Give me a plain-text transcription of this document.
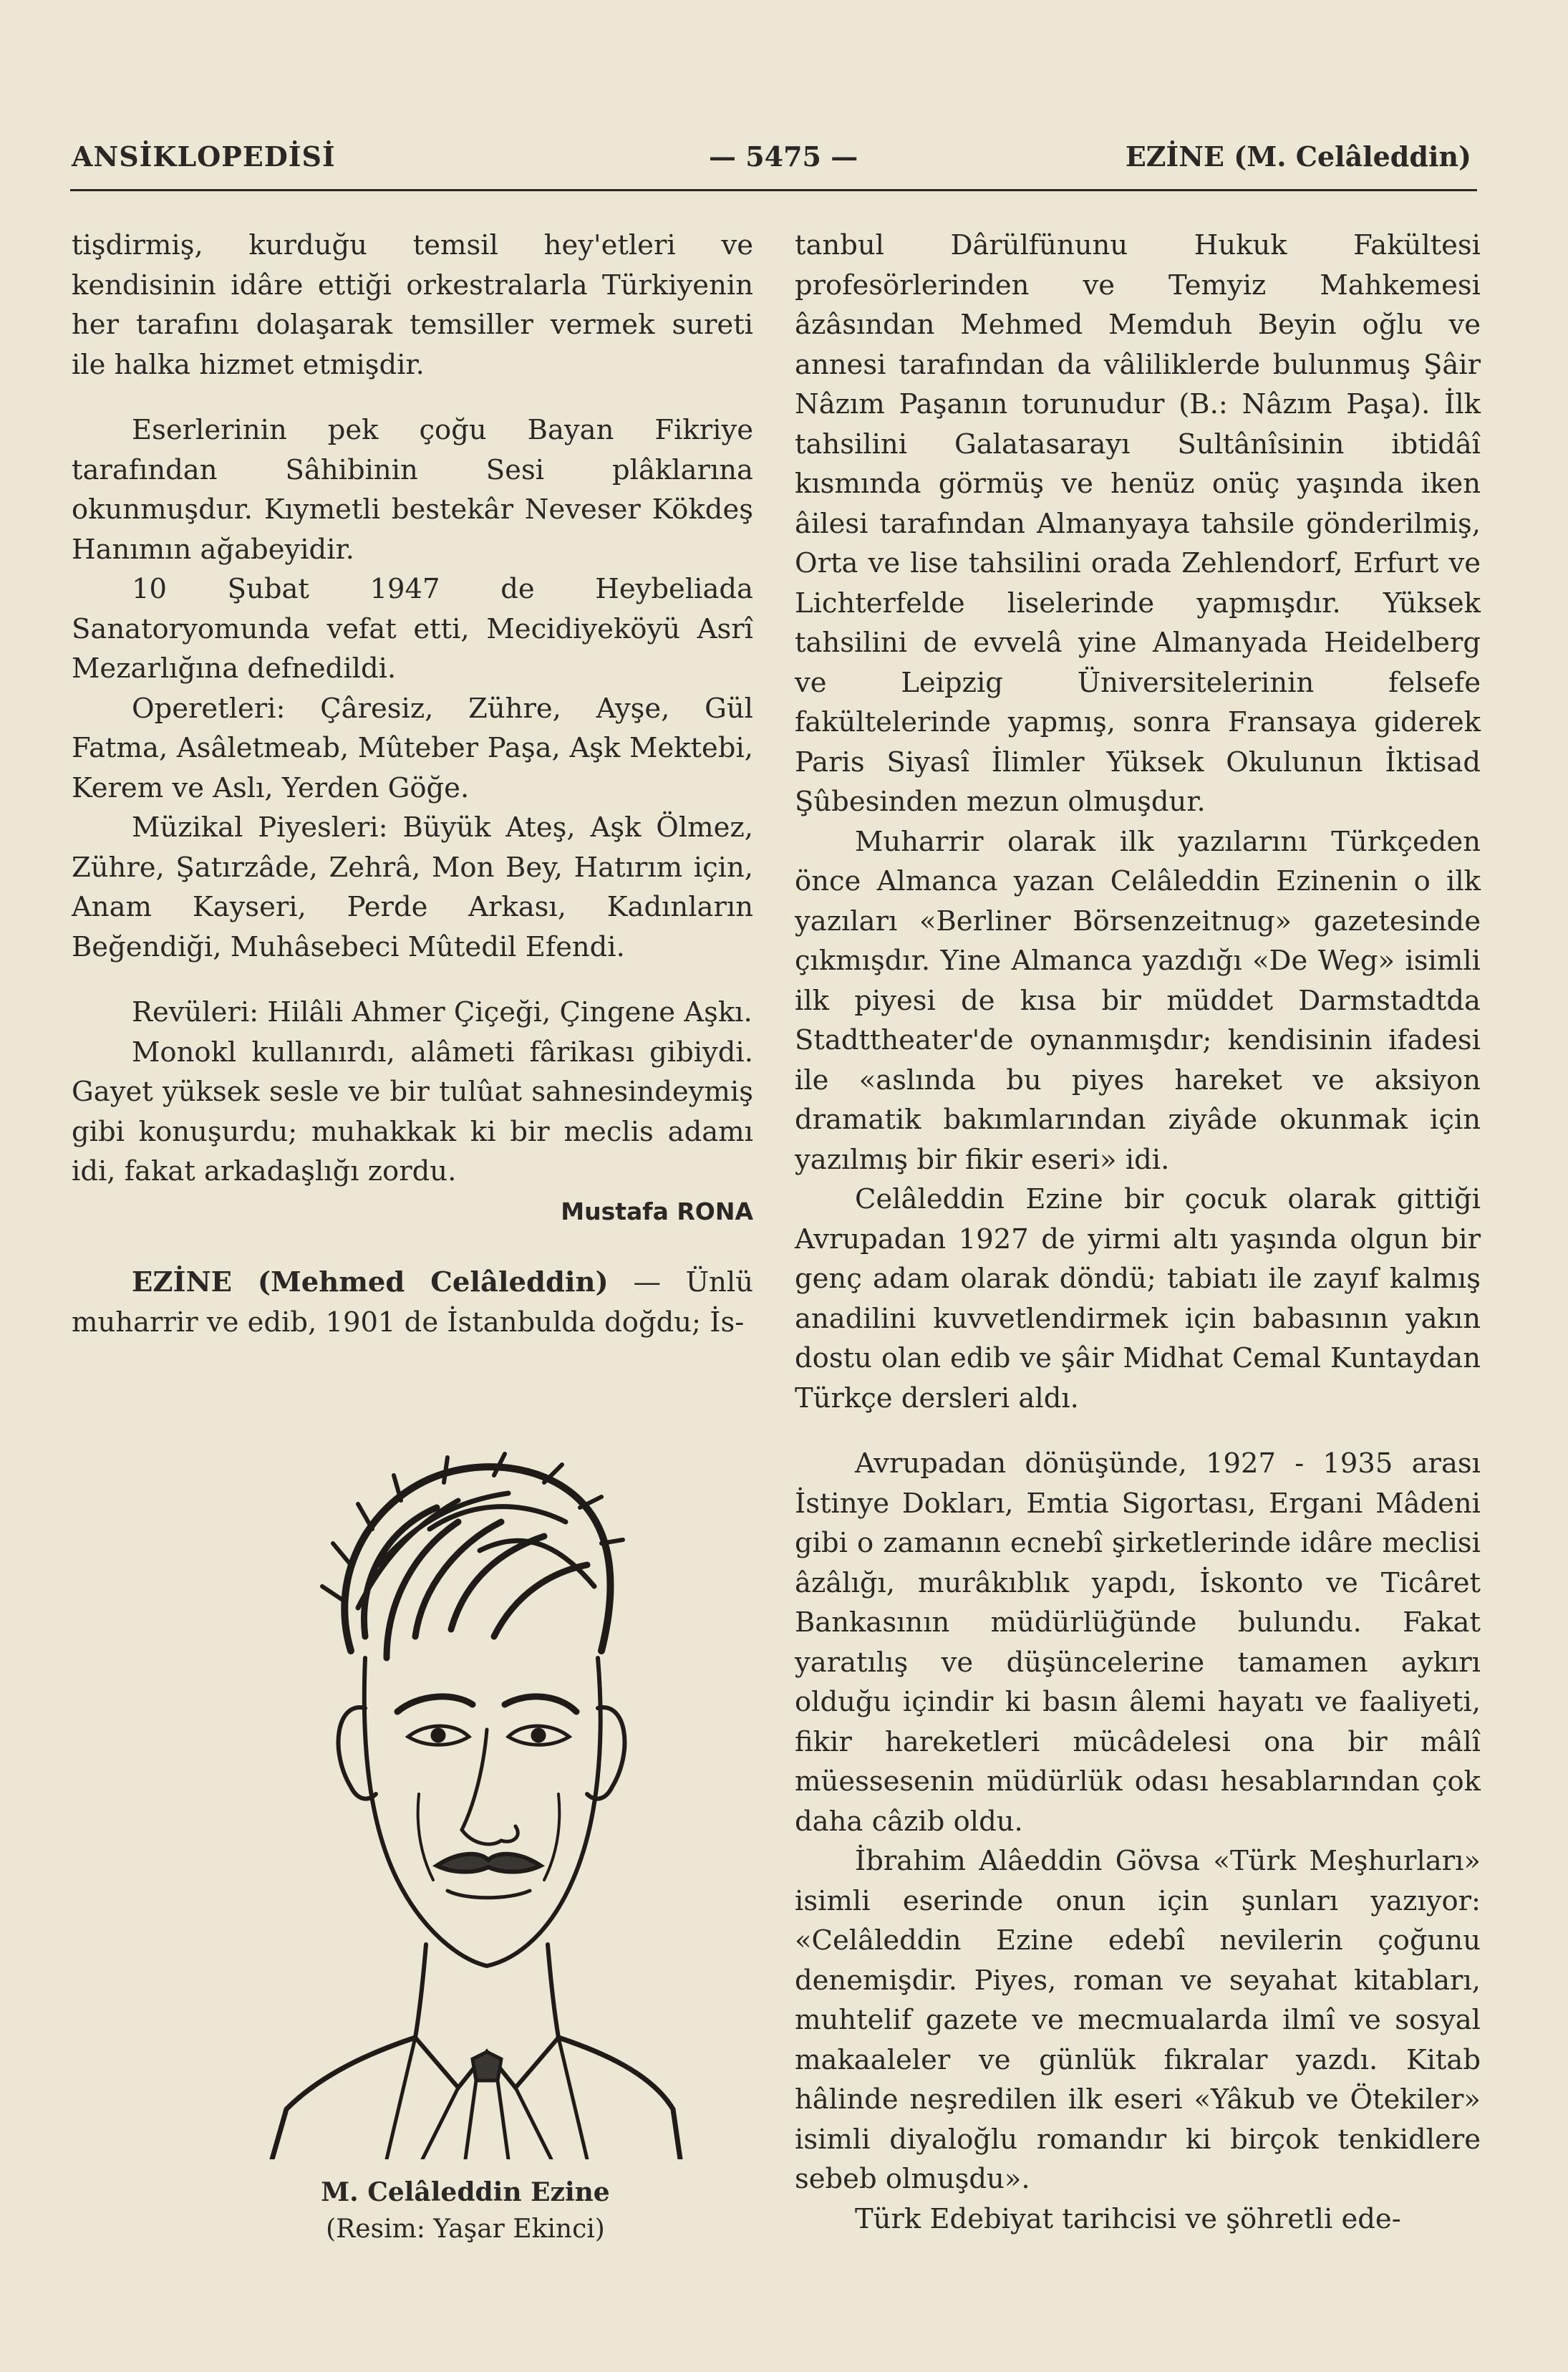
ANSİKLOPEDİSİ	— 5475 —	EZİNE (M. Celâleddin)

tişdirmiş, kurduğu temsil hey'etleri ve kendisinin idâre ettiği orkestralarla Türkiyenin her tarafını dolaşarak temsiller vermek sureti ile halka hizmet etmişdir.

Eserlerinin pek çoğu Bayan Fikriye tarafından Sâhibinin Sesi plâklarına okunmuşdur. Kıymetli bestekâr Neveser Kökdeş Hanımın ağabeyidir.

10 Şubat 1947 de Heybeliada Sanatoryomunda vefat etti, Mecidiyeköyü Asrî Mezarlığına defnedildi.

Operetleri: Çâresiz, Zühre, Ayşe, Gül Fatma, Asâletmeab, Mûteber Paşa, Aşk Mektebi, Kerem ve Aslı, Yerden Göğe.

Müzikal Piyesleri: Büyük Ateş, Aşk Ölmez, Zühre, Şatırzâde, Zehrâ, Mon Bey, Hatırım için, Anam Kayseri, Perde Arkası, Kadınların Beğendiği, Muhâsebeci Mûtedil Efendi.

Revüleri: Hilâli Ahmer Çiçeği, Çingene Aşkı.

Monokl kullanırdı, alâmeti fârikası gibiydi. Gayet yüksek sesle ve bir tulûat sahnesindeymiş gibi konuşurdu; muhakkak ki bir meclis adamı idi, fakat arkadaşlığı zordu.

Mustafa RONA

EZİNE (Mehmed Celâleddin) — Ünlü muharrir ve edib, 1901 de İstanbulda doğdu; İs-

M. Celâleddin Ezine
(Resim: Yaşar Ekinci)

tanbul Dârülfünunu Hukuk Fakültesi profesörlerinden ve Temyiz Mahkemesi âzâsından Mehmed Memduh Beyin oğlu ve annesi tarafından da vâliliklerde bulunmuş Şâir Nâzım Paşanın torunudur (B.: Nâzım Paşa). İlk tahsilini Galatasarayı Sultânîsinin ibtidâî kısmında görmüş ve henüz onüç yaşında iken âilesi tarafından Almanyaya tahsile gönderilmiş, Orta ve lise tahsilini orada Zehlendorf, Erfurt ve Lichterfelde liselerinde yapmışdır. Yüksek tahsilini de evvelâ yine Almanyada Heidelberg ve Leipzig Üniversitelerinin felsefe fakültelerinde yapmış, sonra Fransaya giderek Paris Siyasî İlimler Yüksek Okulunun İktisad Şûbesinden mezun olmuşdur.

Muharrir olarak ilk yazılarını Türkçeden önce Almanca yazan Celâleddin Ezinenin o ilk yazıları «Berliner Börsenzeitnug» gazetesinde çıkmışdır. Yine Almanca yazdığı «De Weg» isimli ilk piyesi de kısa bir müddet Darmstadtda Stadttheater'de oynanmışdır; kendisinin ifadesi ile «aslında bu piyes hareket ve aksiyon dramatik bakımlarından ziyâde okunmak için yazılmış bir fikir eseri» idi.

Celâleddin Ezine bir çocuk olarak gittiği Avrupadan 1927 de yirmi altı yaşında olgun bir genç adam olarak döndü; tabiatı ile zayıf kalmış anadilini kuvvetlendirmek için babasının yakın dostu olan edib ve şâir Midhat Cemal Kuntaydan Türkçe dersleri aldı.

Avrupadan dönüşünde, 1927 - 1935 arası İstinye Dokları, Emtia Sigortası, Ergani Mâdeni gibi o zamanın ecnebî şirketlerinde idâre meclisi âzâlığı, murâkıblık yapdı, İskonto ve Ticâret Bankasının müdürlüğünde bulundu. Fakat yaratılış ve düşüncelerine tamamen aykırı olduğu içindir ki basın âlemi hayatı ve faaliyeti, fikir hareketleri mücâdelesi ona bir mâlî müessesenin müdürlük odası hesablarından çok daha câzib oldu.

İbrahim Alâeddin Gövsa «Türk Meşhurları» isimli eserinde onun için şunları yazıyor: «Celâleddin Ezine edebî nevilerin çoğunu denemişdir. Piyes, roman ve seyahat kitabları, muhtelif gazete ve mecmualarda ilmî ve sosyal makaaleler ve günlük fıkralar yazdı. Kitab hâlinde neşredilen ilk eseri «Yâkub ve Ötekiler» isimli diyaloğlu romandır ki birçok tenkidlere sebeb olmuşdu».

Türk Edebiyat tarihcisi ve şöhretli ede-
